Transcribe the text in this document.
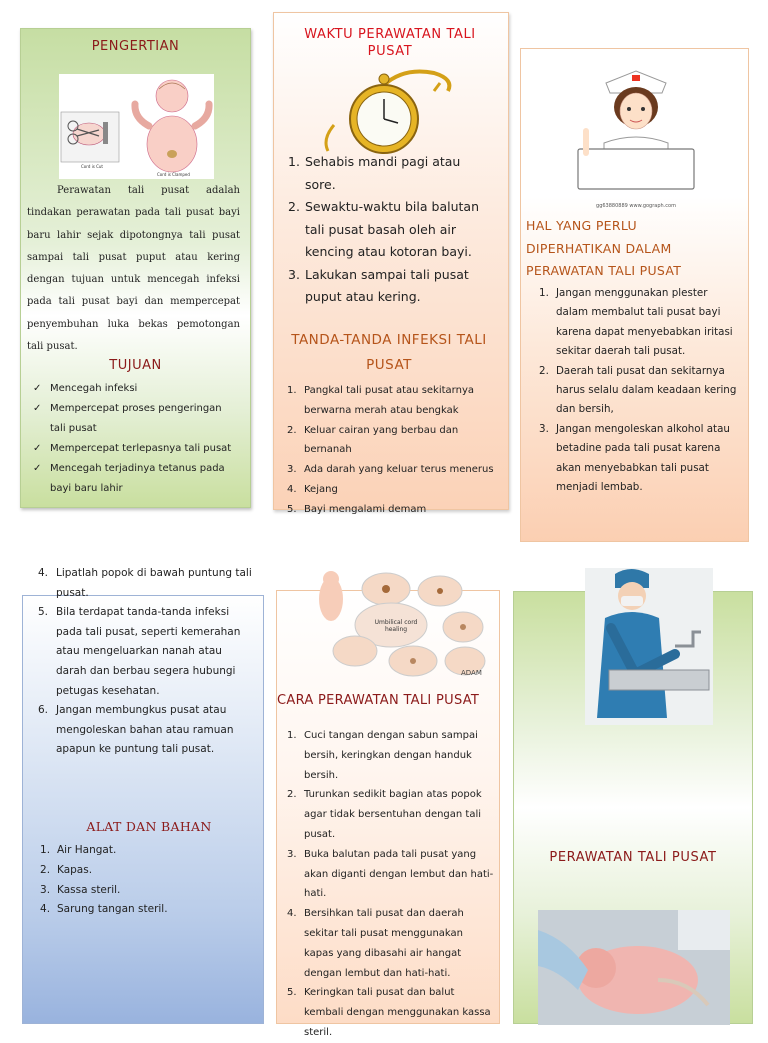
PENGERTIAN
Cord is Cut
Cord is Clamped
Perawatan tali pusat adalah tindakan perawatan pada tali pusat bayi baru lahir sejak dipotongnya tali pusat sampai tali pusat puput atau kering dengan tujuan untuk mencegah infeksi pada tali pusat bayi dan mempercepat penyembuhan luka bekas pemotongan tali pusat.
TUJUAN
✓ Mencegah infeksi
✓ Mempercepat proses pengeringan tali pusat
✓ Mempercepat terlepasnya tali pusat
✓ Mencegah terjadinya tetanus pada bayi baru lahir
WAKTU PERAWATAN TALI PUSAT
Sehabis mandi pagi atau sore.
Sewaktu-waktu bila balutan tali pusat basah oleh air kencing atau kotoran bayi.
Lakukan sampai tali pusat puput atau kering.
TANDA-TANDA INFEKSI TALI PUSAT
Pangkal tali pusat atau sekitarnya berwarna merah atau bengkak
Keluar cairan yang berbau dan bernanah
Ada darah yang keluar terus menerus
Kejang
Bayi mengalami demam
gg63880889 www.gograph.com
HAL YANG PERLU DIPERHATIKAN DALAM PERAWATAN TALI PUSAT
Jangan menggunakan plester dalam membalut tali pusat bayi karena dapat menyebabkan iritasi sekitar daerah tali pusat.
Daerah tali pusat dan sekitarnya harus selalu dalam keadaan kering dan bersih,
Jangan mengoleskan alkohol atau betadine pada tali pusat karena akan menyebabkan tali pusat menjadi lembab.
ALAT DAN BAHAN
Air Hangat.
Kapas.
Kassa steril.
Sarung tangan steril.
4. Lipatlah popok di bawah puntung tali pusat.
5. Bila terdapat tanda-tanda infeksi pada tali pusat, seperti kemerahan atau mengeluarkan nanah atau darah dan berbau segera hubungi petugas kesehatan.
6. Jangan membungkus pusat atau mengoleskan bahan atau ramuan apapun ke puntung tali pusat.
Umbilical cord healing
ADAM
CARA PERAWATAN TALI PUSAT
Cuci tangan dengan sabun sampai bersih, keringkan dengan handuk bersih.
Turunkan sedikit bagian atas popok agar tidak bersentuhan dengan tali pusat.
Buka balutan pada tali pusat yang akan diganti dengan lembut dan hati-hati.
Bersihkan tali pusat dan daerah sekitar tali pusat menggunakan kapas yang dibasahi air hangat dengan lembut dan hati-hati.
Keringkan tali pusat dan balut kembali dengan menggunakan kassa steril.
PERAWATAN TALI PUSAT
